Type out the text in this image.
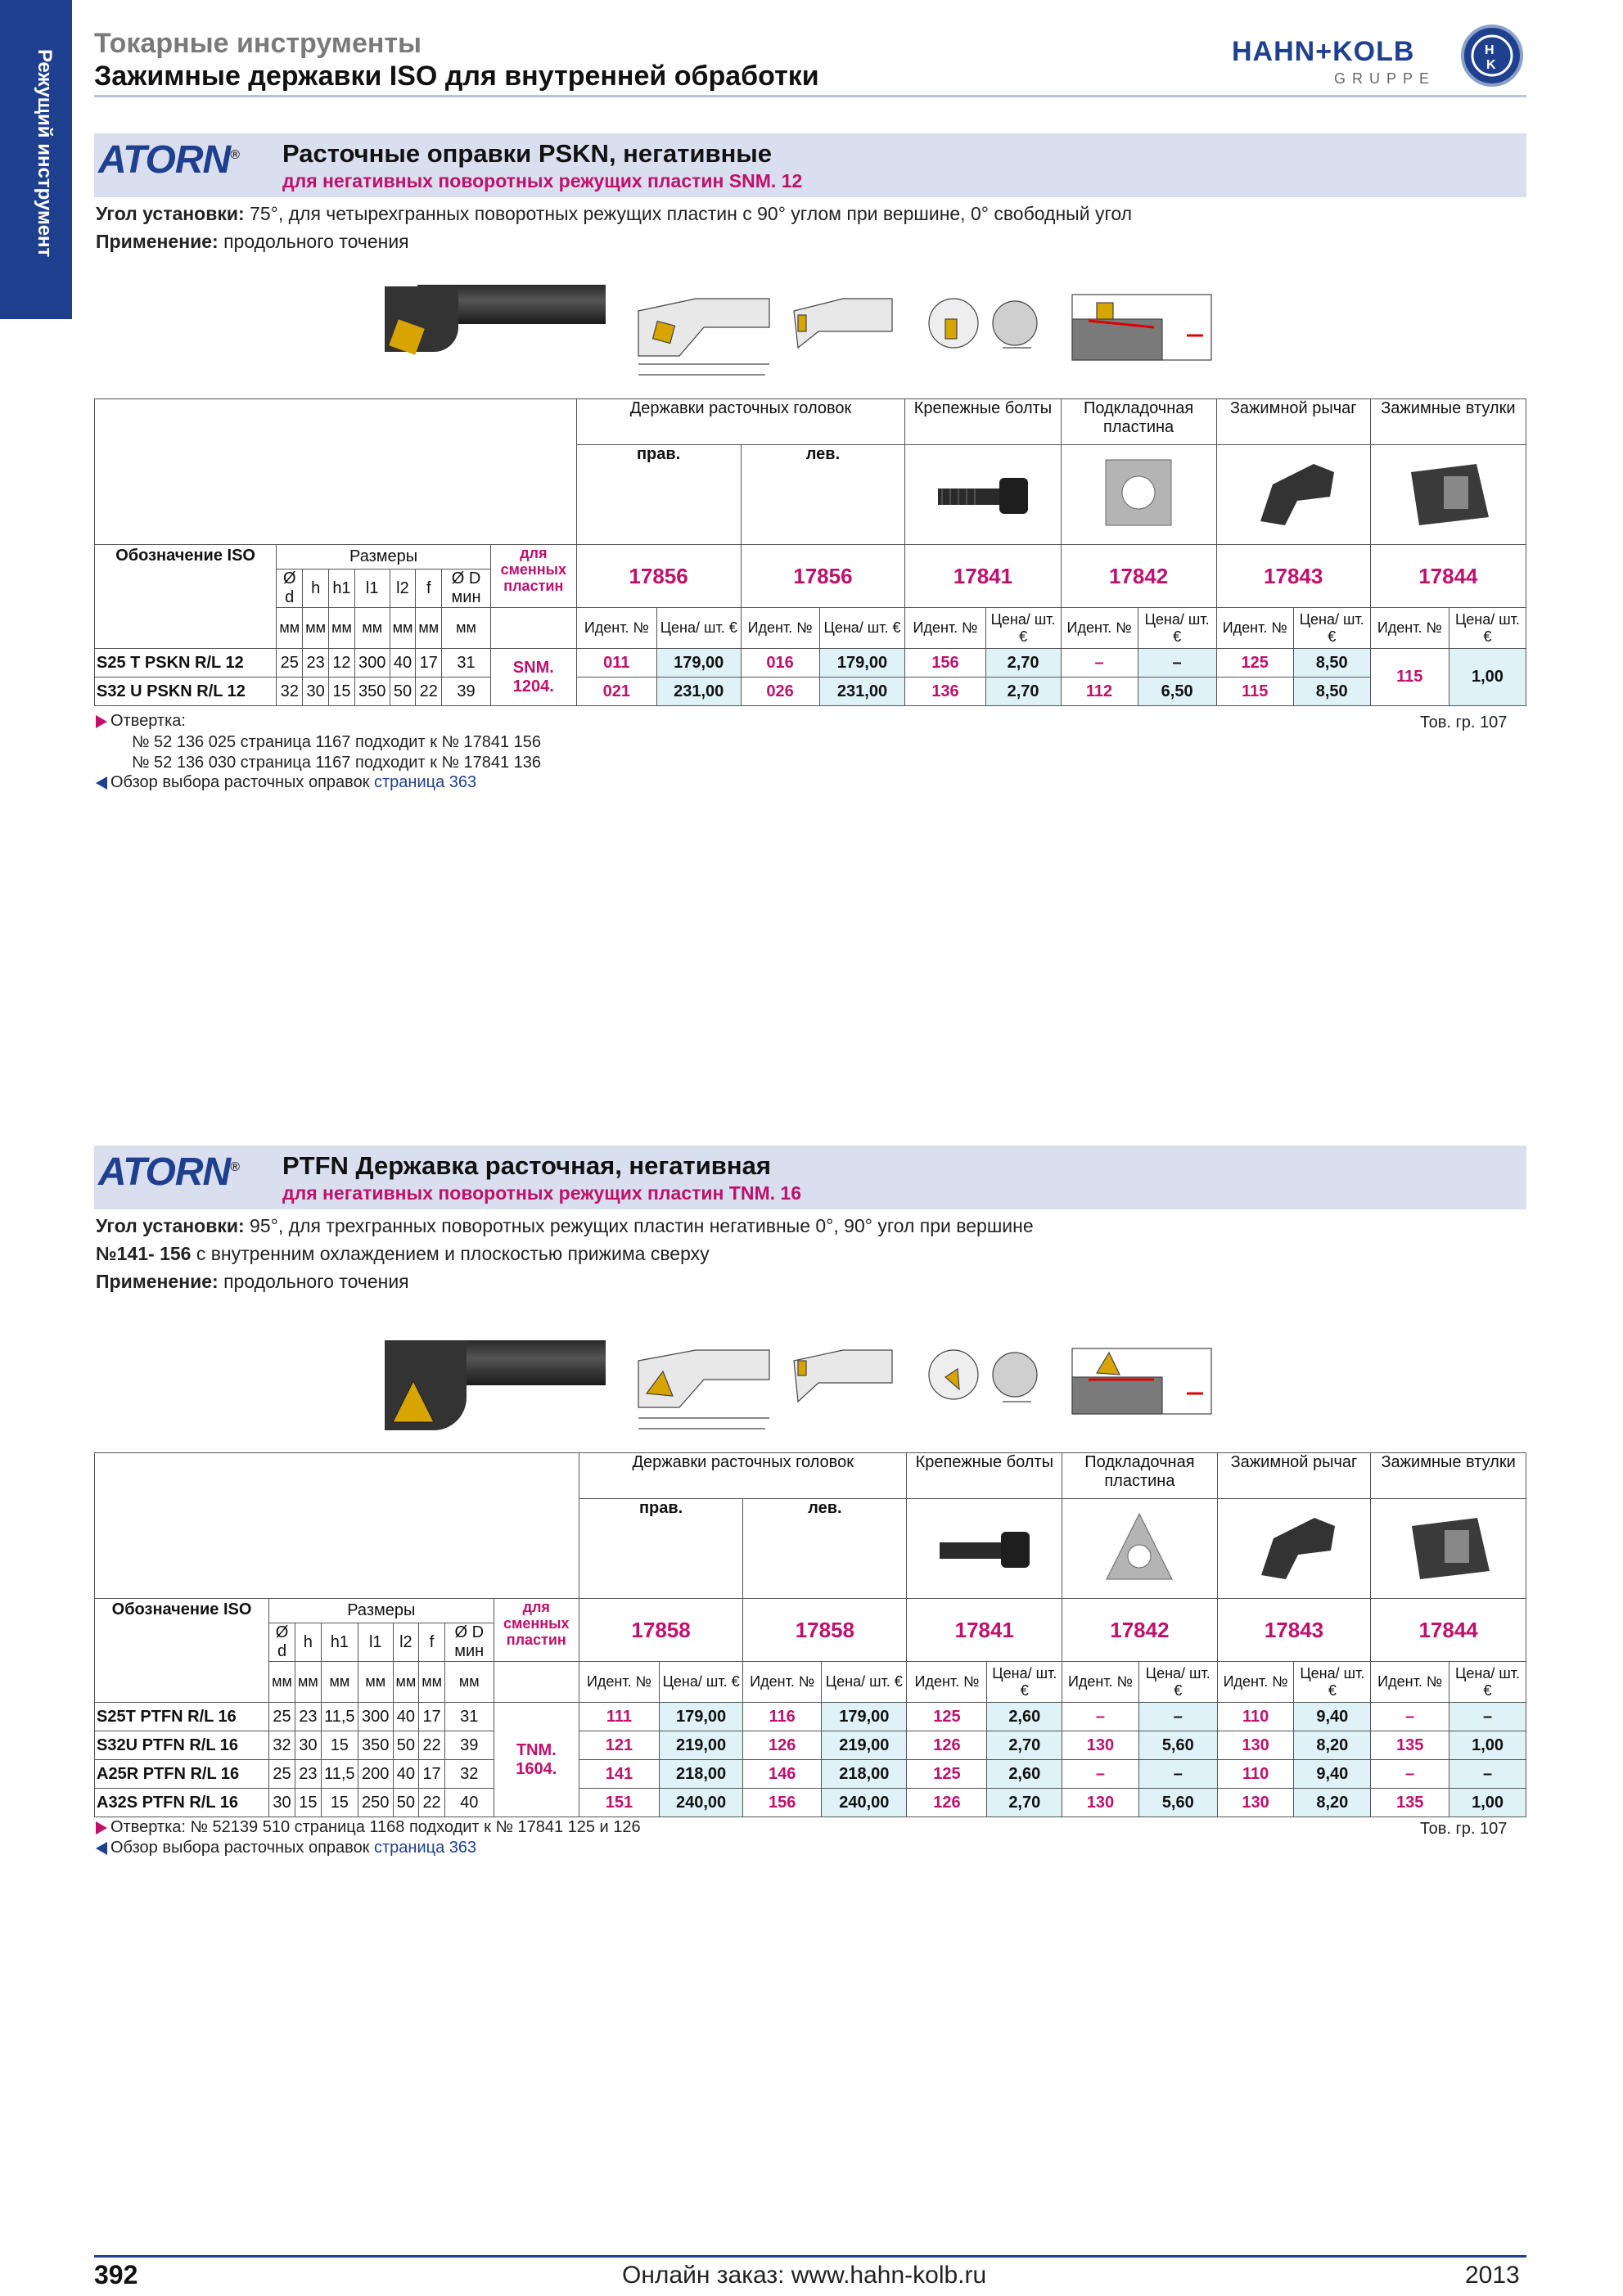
Режущий инструмент
Токарные инструменты
Зажимные державки ISO для внутренней обработки
HAHN+KOLB
GRUPPE
H
K
ATORN® Расточные оправки PSKN, негативные
для негативных поворотных режущих пластин SNM. 12
Угол установки: 75°, для четырехгранных поворотных режущих пластин с 90° углом при вершине, 0° свободный угол
Применение: продольного точения
									Державки расточных головок				Крепежные болты		Подкладочная пластина		Зажимной рычаг		Зажимные втулки	
									прав.		лев.				
Обозначение ISO	Размеры							для сменных пластин	17856		17856		17841		17842		17843		17844	
	Ø d	h	h1	l1	l2	f	Ø D мин													
	мм	мм	мм	мм	мм	мм	мм		Идент. №	Цена/ шт. €	Идент. №	Цена/ шт. €	Идент. №	Цена/ шт. €	Идент. №	Цена/ шт. €	Идент. №	Цена/ шт. €	Идент. №	Цена/ шт. €
S25 T PSKN R/L 12	25	23	12	300	40	17	31	SNM. 1204.	011	179,00	016	179,00	156	2,70	–	–	125	8,50	115	1,00
S32 U PSKN R/L 12	32	30	15	350	50	22	39		021	231,00	026	231,00	136	2,70	112	6,50	115	8,50		
Отвертка:
№ 52 136 025 страница 1167 подходит к № 17841 156
№ 52 136 030 страница 1167 подходит к № 17841 136
Обзор выбора расточных оправок страница 363
Тов. гр. 107
ATORN® PTFN Державка расточная, негативная
для негативных поворотных режущих пластин TNM. 16
Угол установки: 95°, для трехгранных поворотных режущих пластин негативные 0°, 90° угол при вершине
№141- 156 с внутренним охлаждением и плоскостью прижима сверху
Применение: продольного точения
									Державки расточных головок				Крепежные болты		Подкладочная пластина		Зажимной рычаг		Зажимные втулки	
									прав.		лев.				
Обозначение ISO	Размеры							для сменных пластин	17858		17858		17841		17842		17843		17844	
	Ø d	h	h1	l1	l2	f	Ø D мин													
	мм	мм	мм	мм	мм	мм	мм		Идент. №	Цена/ шт. €	Идент. №	Цена/ шт. €	Идент. №	Цена/ шт. €	Идент. №	Цена/ шт. €	Идент. №	Цена/ шт. €	Идент. №	Цена/ шт. €
S25T PTFN R/L 16	25	23	11,5	300	40	17	31	TNM. 1604.	111	179,00	116	179,00	125	2,60	–	–	110	9,40	–	–
S32U PTFN R/L 16	32	30	15	350	50	22	39		121	219,00	126	219,00	126	2,70	130	5,60	130	8,20	135	1,00
A25R PTFN R/L 16	25	23	11,5	200	40	17	32		141	218,00	146	218,00	125	2,60	–	–	110	9,40	–	–
A32S PTFN R/L 16	30	15	15	250	50	22	40		151	240,00	156	240,00	126	2,70	130	5,60	130	8,20	135	1,00
Отвертка: № 52139 510 страница 1168 подходит к № 17841 125 и 126
Обзор выбора расточных оправок страница 363
Тов. гр. 107
392	Онлайн заказ: www.hahn-kolb.ru	2013
